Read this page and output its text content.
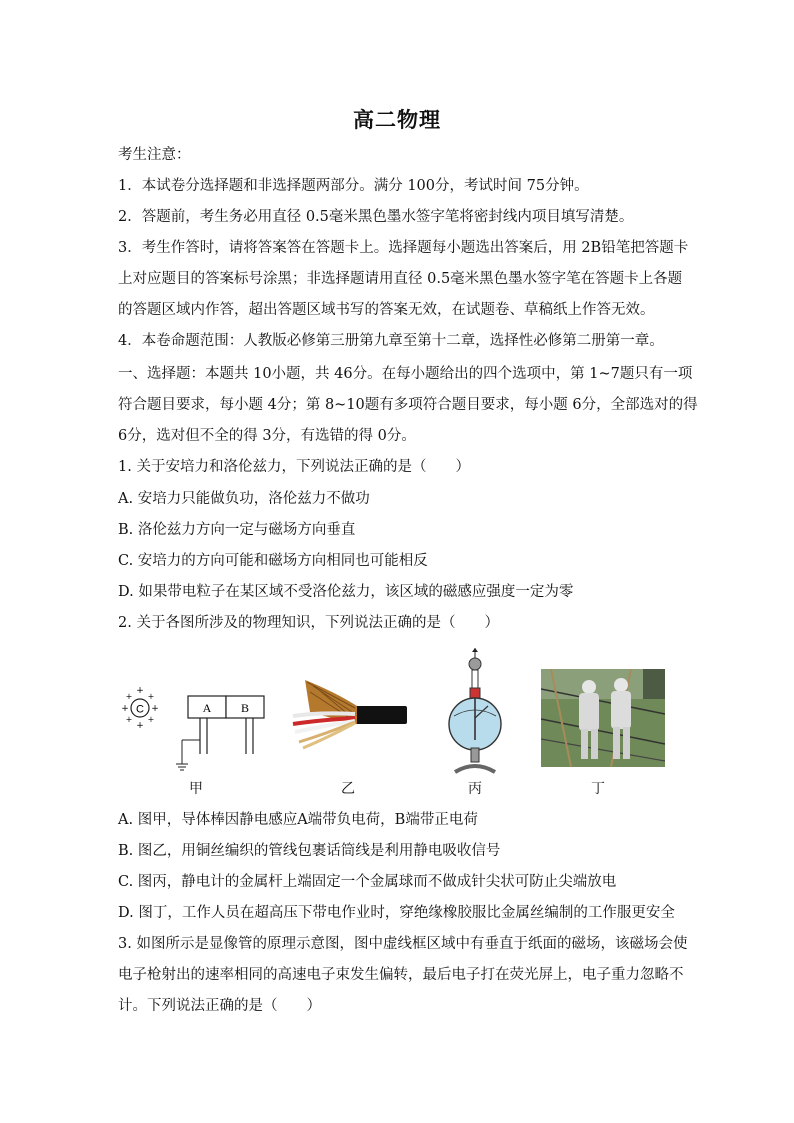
高二物理
考生注意：
1．本试卷分选择题和非选择题两部分。满分 100分，考试时间 75分钟。
2．答题前，考生务必用直径 0.5毫米黑色墨水签字笔将密封线内项目填写清楚。
3．考生作答时，请将答案答在答题卡上。选择题每小题选出答案后，用 2B铅笔把答题卡
上对应题目的答案标号涂黑；非选择题请用直径 0.5毫米黑色墨水签字笔在答题卡上各题
的答题区域内作答，超出答题区域书写的答案无效，在试题卷、草稿纸上作答无效。
4．本卷命题范围：人教版必修第三册第九章至第十二章，选择性必修第二册第一章。
一、选择题：本题共 10小题，共 46分。在每小题给出的四个选项中，第 1~7题只有一项
符合题目要求，每小题 4分；第 8~10题有多项符合题目要求，每小题 6分，全部选对的得
6分，选对但不全的得 3分，有选错的得 0分。
1. 关于安培力和洛伦兹力，下列说法正确的是（　　）
A. 安培力只能做负功，洛伦兹力不做功
B. 洛伦兹力方向一定与磁场方向垂直
C. 安培力的方向可能和磁场方向相同也可能相反
D. 如果带电粒子在某区域不受洛伦兹力，该区域的磁感应强度一定为零
2. 关于各图所涉及的物理知识，下列说法正确的是（　　）
C
+
+
+ +
+ +
+ +
A B
甲	乙	丙	丁
A. 图甲，导体棒因静电感应A端带负电荷，B端带正电荷
B. 图乙，用铜丝编织的管线包裹话筒线是利用静电吸收信号
C. 图丙，静电计的金属杆上端固定一个金属球而不做成针尖状可防止尖端放电
D. 图丁，工作人员在超高压下带电作业时，穿绝缘橡胶服比金属丝编制的工作服更安全
3. 如图所示是显像管的原理示意图，图中虚线框区域中有垂直于纸面的磁场，该磁场会使
电子枪射出的速率相同的高速电子束发生偏转，最后电子打在荧光屏上，电子重力忽略不
计。下列说法正确的是（　　）
